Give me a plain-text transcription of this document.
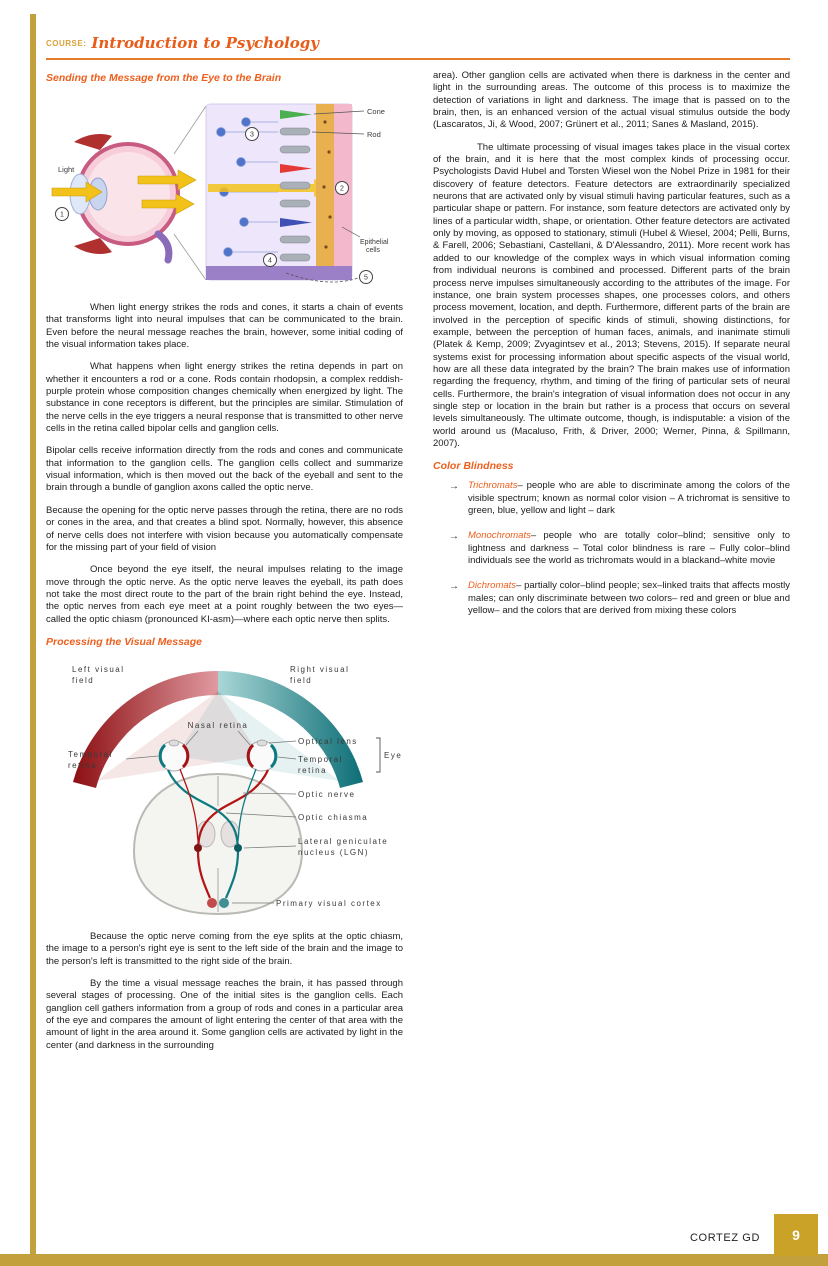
COURSE: Introduction to Psychology
Sending the Message from the Eye to the Brain
Light
1
3
2
4
5
Cone
Rod
Epithelial
cells

When light energy strikes the rods and cones, it starts a chain of events that transforms light into neural impulses that can be communicated to the brain. Even before the neural message reaches the brain, however, some initial coding of the visual information takes place.

What happens when light energy strikes the retina depends in part on whether it encounters a rod or a cone. Rods contain rhodopsin, a complex reddish-purple protein whose composition changes chemically when energized by light. The substance in cone receptors is different, but the principles are similar. Stimulation of the nerve cells in the eye triggers a neural response that is transmitted to other nerve cells in the retina called bipolar cells and ganglion cells.

Bipolar cells receive information directly from the rods and cones and communicate that information to the ganglion cells. The ganglion cells collect and summarize visual information, which is then moved out the back of the eyeball and sent to the brain through a bundle of ganglion axons called the optic nerve.

Because the opening for the optic nerve passes through the retina, there are no rods or cones in the area, and that creates a blind spot. Normally, however, this absence of nerve cells does not interfere with vision because you automatically compensate for the missing part of your field of vision

Once beyond the eye itself, the neural impulses relating to the image move through the optic nerve. As the optic nerve leaves the eyeball, its path does not take the most direct route to the part of the brain right behind the eye. Instead, the optic nerves from each eye meet at a point roughly between the two eyes—called the optic chiasm (pronounced KI-asm)—where each optic nerve then splits.

Processing the Visual Message
Left visual
field
Right visual
field
Nasal retina
Optical lens
Temporal
retina
Temporal
retina
Eye
Optic nerve
Optic chiasma
Lateral geniculate
nucleus (LGN)
Primary visual cortex

Because the optic nerve coming from the eye splits at the optic chiasm, the image to a person's right eye is sent to the left side of the brain and the image to the person's left is transmitted to the right side of the brain.

By the time a visual message reaches the brain, it has passed through several stages of processing. One of the initial sites is the ganglion cells. Each ganglion cell gathers information from a group of rods and cones in a particular area of the eye and compares the amount of light entering the center of that area with the amount of light in the area around it. Some ganglion cells are activated by light in the center (and darkness in the surrounding

area). Other ganglion cells are activated when there is darkness in the center and light in the surrounding areas. The outcome of this process is to maximize the detection of variations in light and darkness. The image that is passed on to the brain, then, is an enhanced version of the actual visual stimulus outside the body (Lascaratos, Ji, & Wood, 2007; Grünert et al., 2011; Sanes & Masland, 2015).

The ultimate processing of visual images takes place in the visual cortex of the brain, and it is here that the most complex kinds of processing occur. Psychologists David Hubel and Torsten Wiesel won the Nobel Prize in 1981 for their discovery of feature detectors. Feature detectors are extraordinarily specialized neurons that are activated only by visual stimuli having particular features, such as a particular shape or pattern. For instance, som feature detectors are activated only by lines of a particular width, shape, or orientation. Other feature detectors are activated only by moving, as opposed to stationary, stimuli (Hubel & Wiesel, 2004; Pelli, Burns, & Farell, 2006; Sebastiani, Castellani, & D'Alessandro, 2011). More recent work has added to our knowledge of the complex ways in which visual information coming from individual neurons is combined and processed. Different parts of the brain process nerve impulses simultaneously according to the attributes of the image. For instance, one brain system processes shapes, one processes colors, and others process movement, location, and depth. Furthermore, different parts of the brain are involved in the perception of specific kinds of stimuli, showing distinctions, for example, between the perception of human faces, animals, and inanimate stimuli (Platek & Kemp, 2009; Zvyagintsev et al., 2013; Stevens, 2015). If separate neural systems exist for processing information about specific aspects of the visual world, how are all these data integrated by the brain? The brain makes use of information regarding the frequency, rhythm, and timing of the firing of particular sets of neural cells. Furthermore, the brain's integration of visual information does not occur in any single step or location in the brain but rather is a process that occurs on several levels simultaneously. The ultimate outcome, though, is indisputable: a vision of the world around us (Macaluso, Frith, & Driver, 2000; Werner, Pinna, & Spillmann, 2007).

Color Blindness
→ Trichromats– people who are able to discriminate among the colors of the visible spectrum; known as normal color vision – A trichromat is sensitive to green, blue, yellow and light – dark
→ Monochromats– people who are totally color–blind; sensitive only to lightness and darkness – Total color blindness is rare – Fully color–blind individuals see the world as trichromats would in a blackand–white movie
→ Dichromats– partially color–blind people; sex–linked traits that affects mostly males; can only discriminate between two colors– red and green or blue and yellow– and the colors that are derived from mixing these colors
CORTEZ GD 9
